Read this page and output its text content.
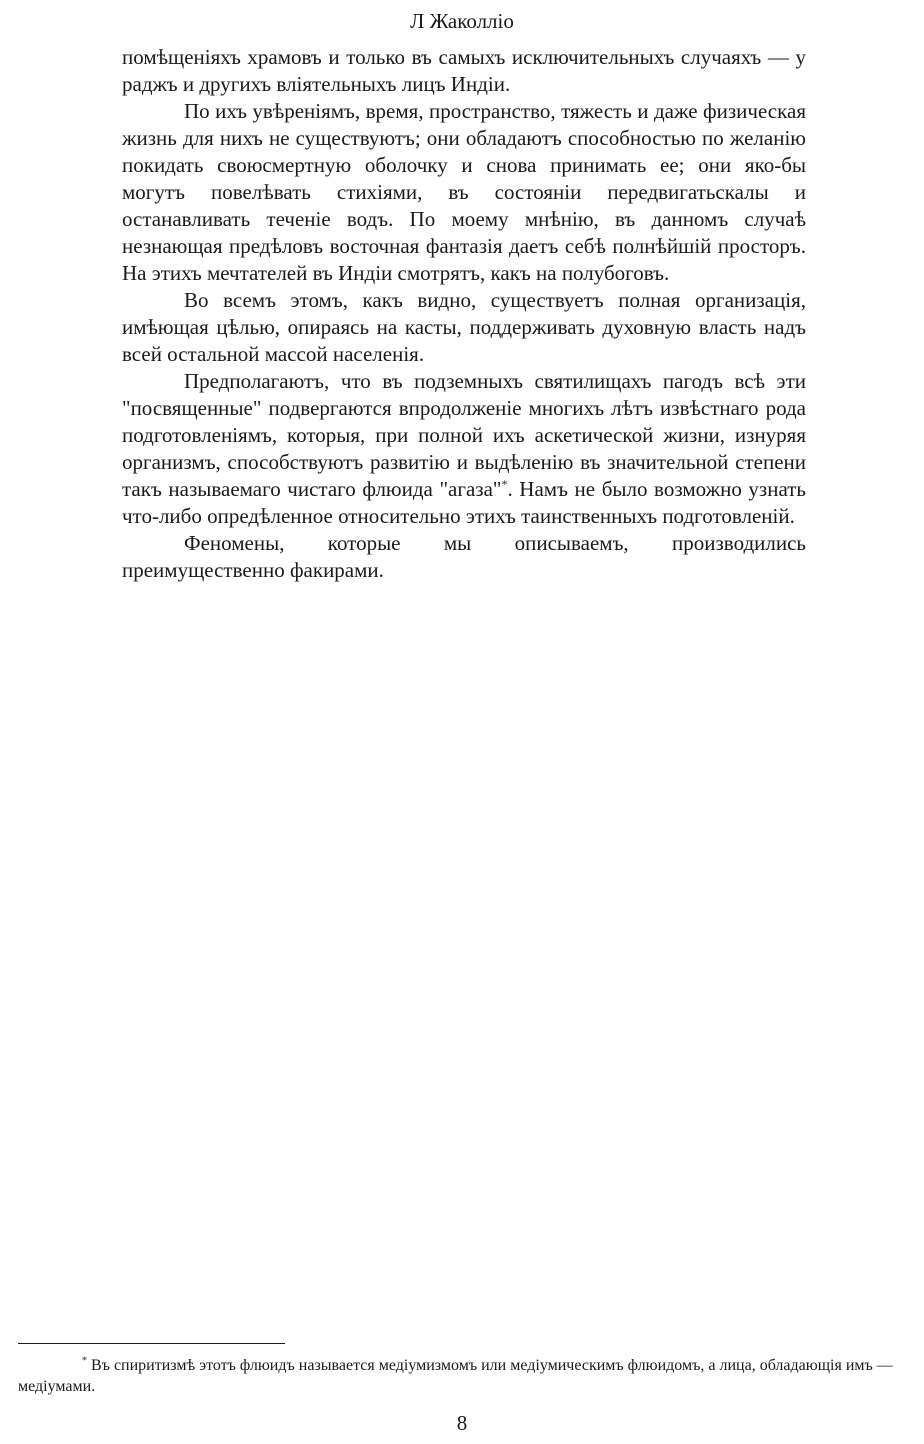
Л Жаколліо

помѣщеніяхъ храмовъ и только въ самыхъ исключительныхъ случаяхъ — у раджъ и другихъ вліятельныхъ лицъ Индіи.

По ихъ увѣреніямъ, время, пространство, тяжесть и даже физическая жизнь для нихъ не существуютъ; они обладаютъ способностью по желанію покидать своюсмертную оболочку и снова принимать ее; они яко-бы могутъ повелѣвать стихіями, въ состояніи передвигатьскалы и останавливать теченіе водъ. По моему мнѣнію, въ данномъ случаѣ незнающая предѣловъ восточная фантазія даетъ себѣ полнѣйшій просторъ. На этихъ мечтателей въ Индіи смотрятъ, какъ на полубоговъ.

Во всемъ этомъ, какъ видно, существуетъ полная организація, имѣющая цѣлью, опираясь на касты, поддерживать духовную власть надъ всей остальной массой населенія.

Предполагаютъ, что въ подземныхъ святилищахъ пагодъ всѣ эти "посвященные" подвергаются впродолженіе многихъ лѣтъ извѣстнаго рода подготовленіямъ, которыя, при полной ихъ аскетической жизни, изнуряя организмъ, способствуютъ развитію и выдѣленію въ значительной степени такъ называемаго чистаго флюида "агаза"*. Намъ не было возможно узнать что-либо опредѣленное относительно этихъ таинственныхъ подготовленій.

Феномены, которые мы описываемъ, производились преимущественно факирами.

* Въ спиритизмѣ этотъ флюидъ называется медіумизмомъ или медіумическимъ флюидомъ, а лица, обладающія имъ — медіумами.
8
